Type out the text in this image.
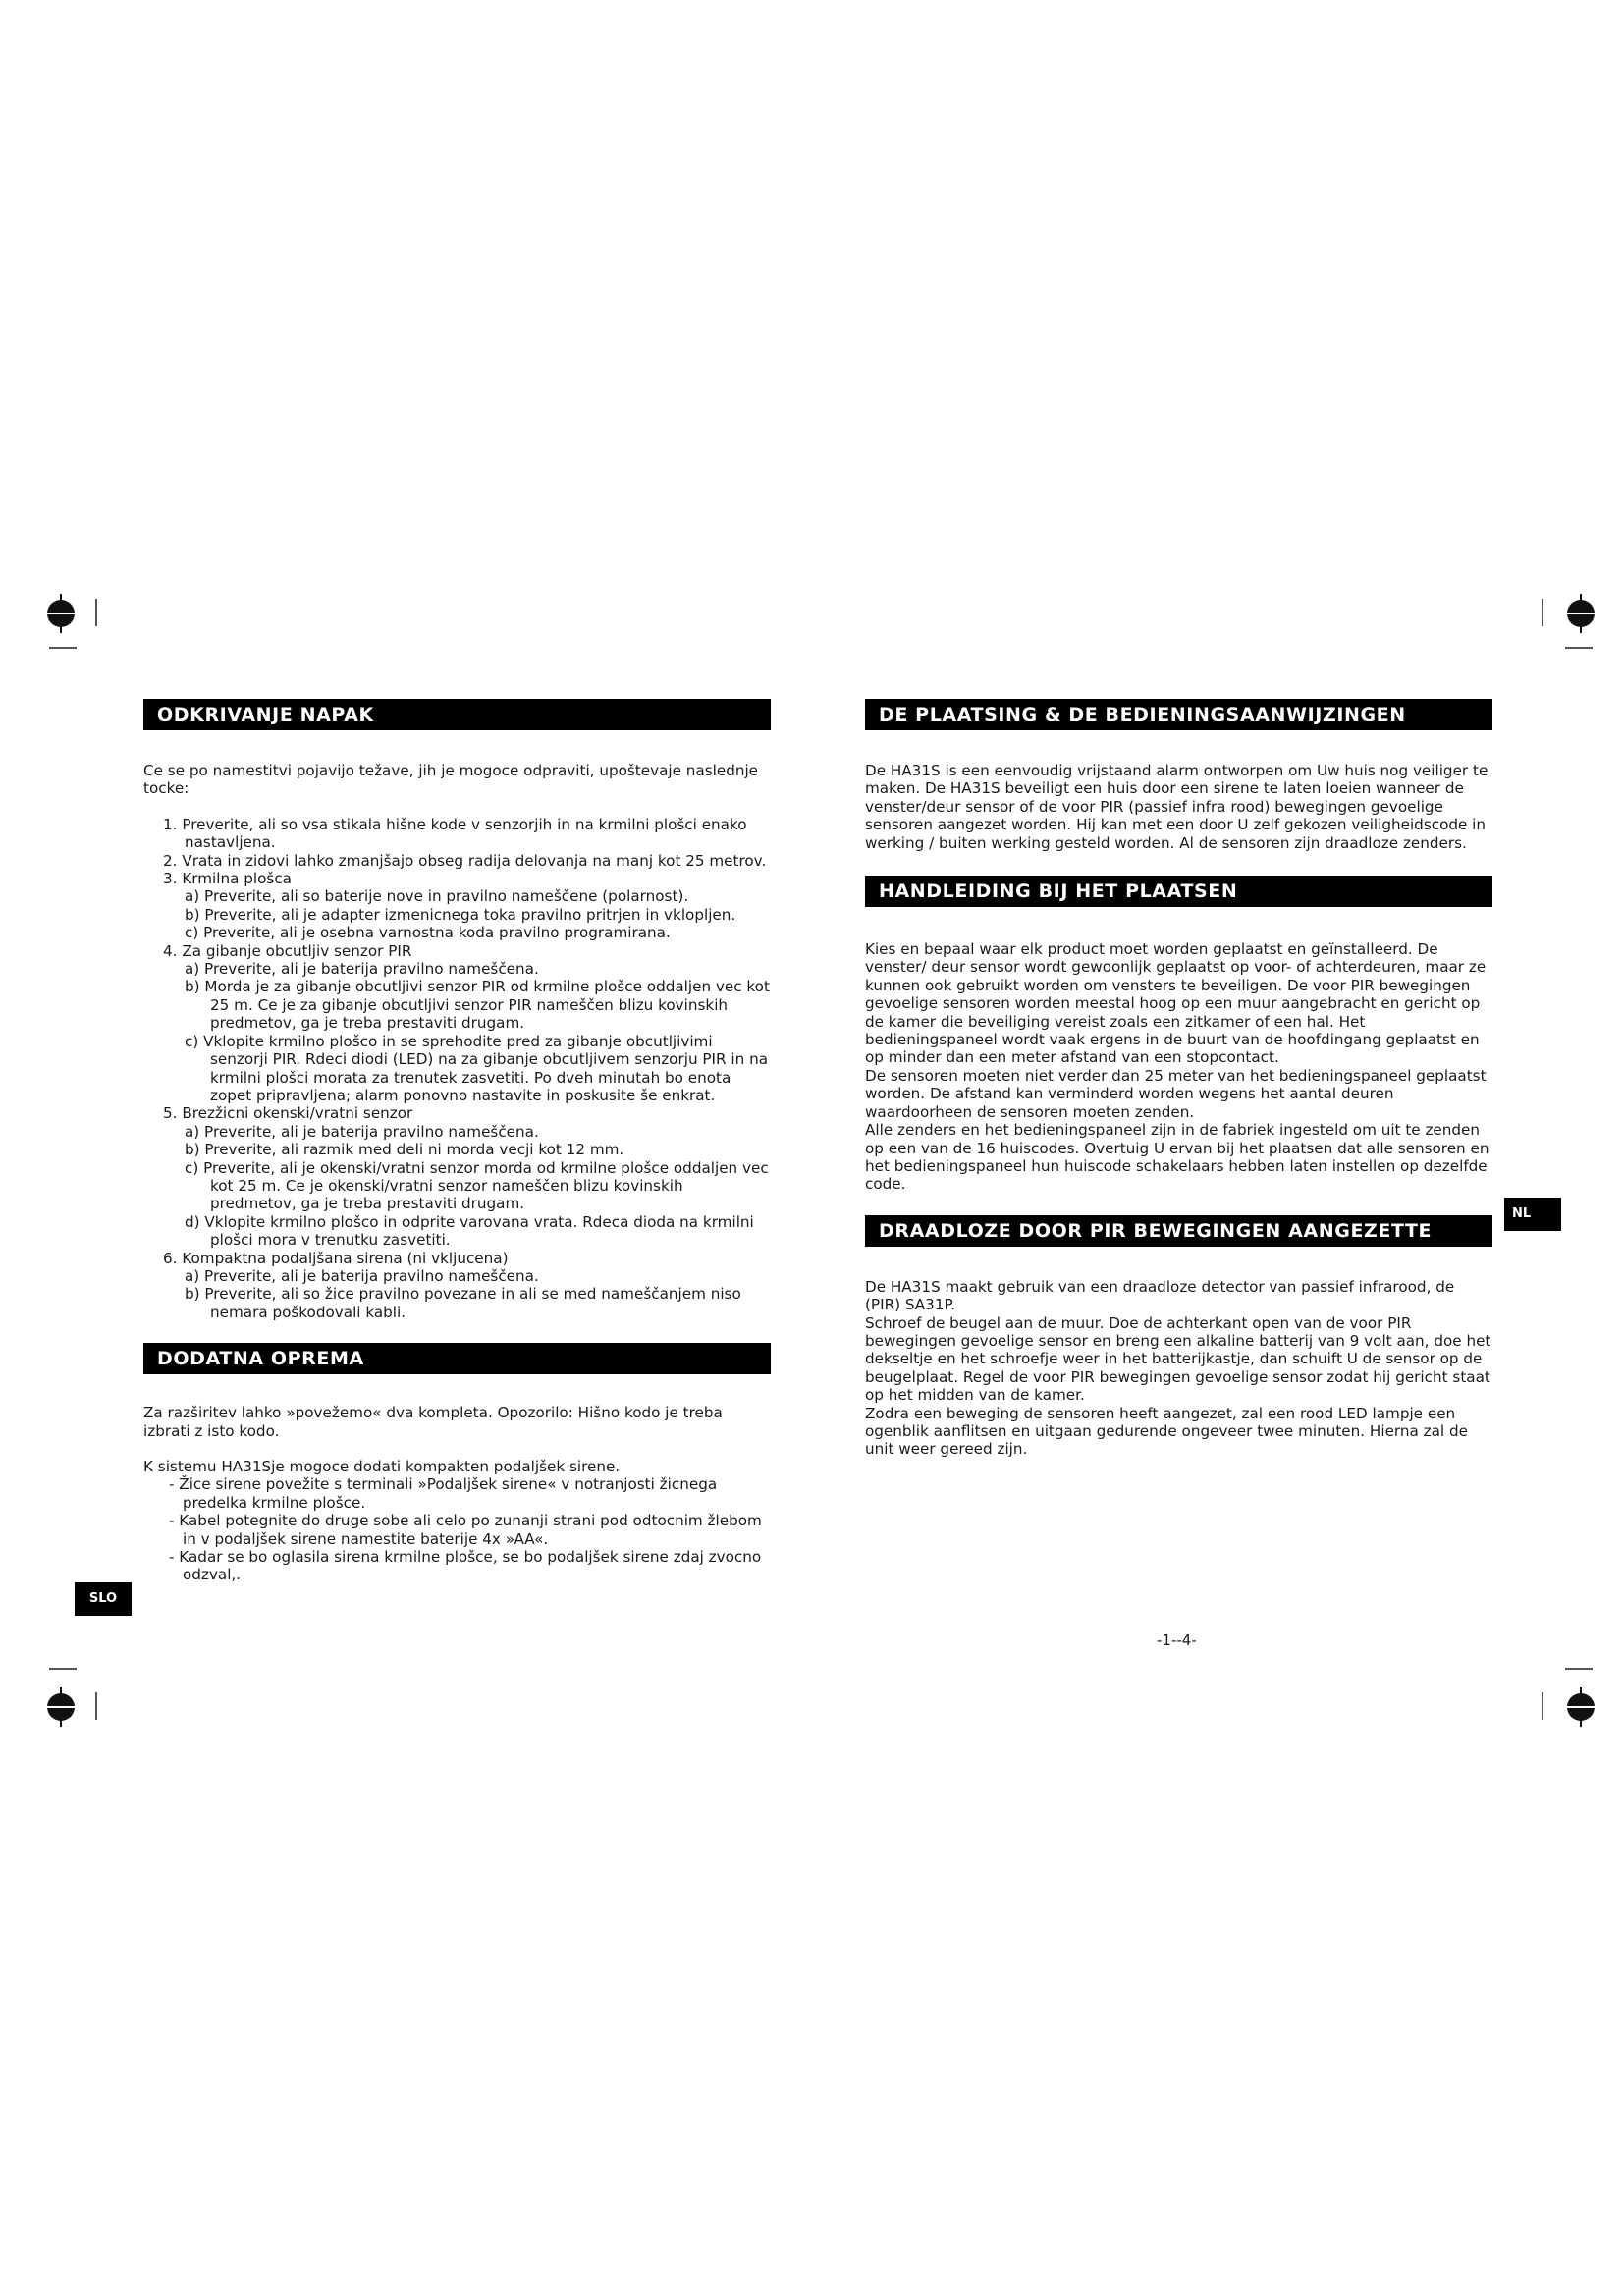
ODKRIVANJE NAPAK

Ce se po namestitvi pojavijo težave, jih je mogoce odpraviti, upoštevaje naslednje tocke:

1. Preverite, ali so vsa stikala hišne kode v senzorjih in na krmilni plošci enako nastavljena.
2. Vrata in zidovi lahko zmanjšajo obseg radija delovanja na manj kot 25 metrov.
3. Krmilna plošca
a) Preverite, ali so baterije nove in pravilno nameščene (polarnost).
b) Preverite, ali je adapter izmenicnega toka pravilno pritrjen in vklopljen.
c) Preverite, ali je osebna varnostna koda pravilno programirana.
4. Za gibanje obcutljiv senzor PIR
a) Preverite, ali je baterija pravilno nameščena.
b) Morda je za gibanje obcutljivi senzor PIR od krmilne plošce oddaljen vec kot 25 m. Ce je za gibanje obcutljivi senzor PIR nameščen blizu kovinskih predmetov, ga je treba prestaviti drugam.
c) Vklopite krmilno plošco in se sprehodite pred za gibanje obcutljivimi senzorji PIR. Rdeci diodi (LED) na za gibanje obcutljivem senzorju PIR in na krmilni plošci morata za trenutek zasvetiti. Po dveh minutah bo enota zopet pripravljena; alarm ponovno nastavite in poskusite še enkrat.
5. Brezžicni okenski/vratni senzor
a) Preverite, ali je baterija pravilno nameščena.
b) Preverite, ali razmik med deli ni morda vecji kot 12 mm.
c) Preverite, ali je okenski/vratni senzor morda od krmilne plošce oddaljen vec kot 25 m. Ce je okenski/vratni senzor nameščen blizu kovinskih predmetov, ga je treba prestaviti drugam.
d) Vklopite krmilno plošco in odprite varovana vrata. Rdeca dioda na krmilni plošci mora v trenutku zasvetiti.
6. Kompaktna podaljšana sirena (ni vkljucena)
a) Preverite, ali je baterija pravilno nameščena.
b) Preverite, ali so žice pravilno povezane in ali se med nameščanjem niso nemara poškodovali kabli.
DODATNA OPREMA

Za razširitev lahko »povežemo« dva kompleta. Opozorilo: Hišno kodo je treba izbrati z isto kodo.

K sistemu HA31Sje mogoce dodati kompakten podaljšek sirene.

- Žice sirene povežite s terminali »Podaljšek sirene« v notranjosti žicnega predelka krmilne plošce.
- Kabel potegnite do druge sobe ali celo po zunanji strani pod odtocnim žlebom in v podaljšek sirene namestite baterije 4x »AA«.
- Kadar se bo oglasila sirena krmilne plošce, se bo podaljšek sirene zdaj zvocno odzval,.
SLO
DE PLAATSING & DE BEDIENINGSAANWIJZINGEN

De HA31S is een eenvoudig vrijstaand alarm ontworpen om Uw huis nog veiliger te maken. De HA31S beveiligt een huis door een sirene te laten loeien wanneer de venster/deur sensor of de voor PIR (passief infra rood) bewegingen gevoelige sensoren aangezet worden. Hij kan met een door U zelf gekozen veiligheidscode in werking / buiten werking gesteld worden. Al de sensoren zijn draadloze zenders.

HANDLEIDING BIJ HET PLAATSEN

Kies en bepaal waar elk product moet worden geplaatst en geïnstalleerd. De venster/ deur sensor wordt gewoonlijk geplaatst op voor- of achterdeuren, maar ze kunnen ook gebruikt worden om vensters te beveiligen. De voor PIR bewegingen gevoelige sensoren worden meestal hoog op een muur aangebracht en gericht op de kamer die beveiliging vereist zoals een zitkamer of een hal. Het bedieningspaneel wordt vaak ergens in de buurt van de hoofdingang geplaatst en op minder dan een meter afstand van een stopcontact.

De sensoren moeten niet verder dan 25 meter van het bedieningspaneel geplaatst worden. De afstand kan verminderd worden wegens het aantal deuren waardoorheen de sensoren moeten zenden.

Alle zenders en het bedieningspaneel zijn in de fabriek ingesteld om uit te zenden op een van de 16 huiscodes. Overtuig U ervan bij het plaatsen dat alle sensoren en het bedieningspaneel hun huiscode schakelaars hebben laten instellen op dezelfde code.

DRAADLOZE DOOR PIR BEWEGINGEN AANGEZETTE SENSOREN

De HA31S maakt gebruik van een draadloze detector van passief infrarood, de (PIR) SA31P.

Schroef de beugel aan de muur. Doe de achterkant open van de voor PIR bewegingen gevoelige sensor en breng een alkaline batterij van 9 volt aan, doe het dekseltje en het schroefje weer in het batterijkastje, dan schuift U de sensor op de beugelplaat. Regel de voor PIR bewegingen gevoelige sensor zodat hij gericht staat op het midden van de kamer.

Zodra een beweging de sensoren heeft aangezet, zal een rood LED lampje een ogenblik aanflitsen en uitgaan gedurende ongeveer twee minuten. Hierna zal de unit weer gereed zijn.

NL
-1--4-
